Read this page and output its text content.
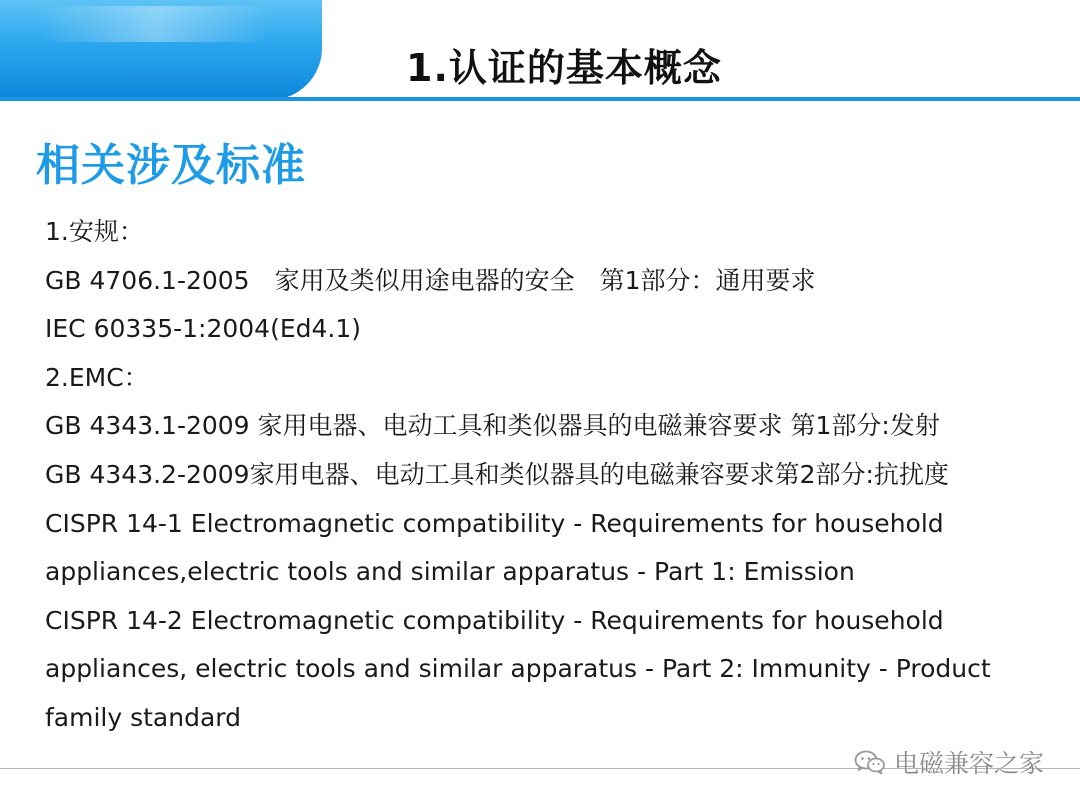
1.认证的基本概念
相关涉及标准
1.安规：
GB 4706.1-2005　家用及类似用途电器的安全　第1部分：通用要求
IEC 60335-1:2004(Ed4.1)
2.EMC：
GB 4343.1-2009 家用电器、电动工具和类似器具的电磁兼容要求 第1部分:发射
GB 4343.2-2009家用电器、电动工具和类似器具的电磁兼容要求第2部分:抗扰度
CISPR 14-1 Electromagnetic compatibility - Requirements for household
appliances,electric tools and similar apparatus - Part 1: Emission
CISPR 14-2 Electromagnetic compatibility - Requirements for household
appliances, electric tools and similar apparatus - Part 2: Immunity - Product
family standard
电磁兼容之家
